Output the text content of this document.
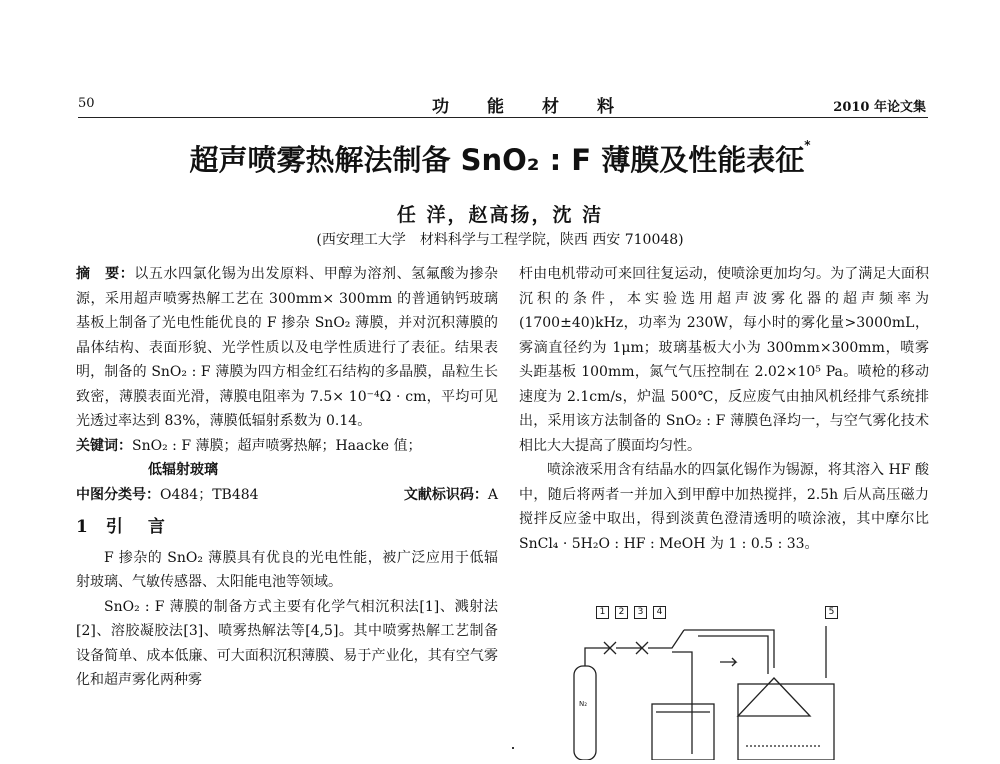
50	功能材料	2010 年论文集
超声喷雾热解法制备 SnO₂ : F 薄膜及性能表征*
任 洋，赵高扬，沈 洁
(西安理工大学　材料科学与工程学院，陕西 西安 710048)

摘　要：以五水四氯化锡为出发原料、甲醇为溶剂、氢氟酸为掺杂源，采用超声喷雾热解工艺在 300mm× 300mm 的普通钠钙玻璃基板上制备了光电性能优良的 F 掺杂 SnO₂ 薄膜，并对沉积薄膜的晶体结构、表面形貌、光学性质以及电学性质进行了表征。结果表明，制备的 SnO₂ : F 薄膜为四方相金红石结构的多晶膜，晶粒生长致密，薄膜表面光滑，薄膜电阻率为 7.5× 10⁻⁴Ω · cm，平均可见光透过率达到 83%，薄膜低辐射系数为 0.14。

关键词：SnO₂ : F 薄膜；超声喷雾热解；Haacke 值；
低辐射玻璃
中图分类号：O484；TB484	文献标识码：A
1 引　言

F 掺杂的 SnO₂ 薄膜具有优良的光电性能，被广泛应用于低辐射玻璃、气敏传感器、太阳能电池等领域。

SnO₂ : F 薄膜的制备方式主要有化学气相沉积法[1]、溅射法[2]、溶胶凝胶法[3]、喷雾热解法等[4,5]。其中喷雾热解工艺制备设备简单、成本低廉、可大面积沉积薄膜、易于产业化，其有空气雾化和超声雾化两种雾

杆由电机带动可来回往复运动，使喷涂更加均匀。为了满足大面积沉积的条件，本实验选用超声波雾化器的超声频率为(1700±40)kHz，功率为 230W，每小时的雾化量>3000mL，雾滴直径约为 1μm；玻璃基板大小为 300mm×300mm，喷雾头距基板 100mm，氮气气压控制在 2.02×10⁵ Pa。喷枪的移动速度为 2.1cm/s，炉温 500℃，反应废气由抽风机经排气系统排出，采用该方法制备的 SnO₂ : F 薄膜色泽均一，与空气雾化技术相比大大提高了膜面均匀性。

喷涂液采用含有结晶水的四氯化锡作为锡源，将其溶入 HF 酸中，随后将两者一并加入到甲醇中加热搅拌，2.5h 后从高压磁力搅拌反应釜中取出，得到淡黄色澄清透明的喷涂液，其中摩尔比 SnCl₄ · 5H₂O : HF : MeOH 为 1 : 0.5 : 33。

N₂
1	2	3	4	5
